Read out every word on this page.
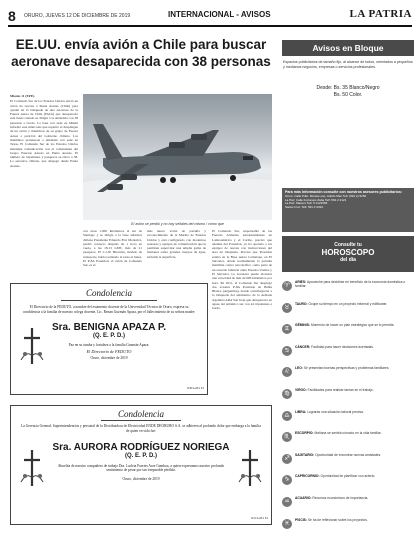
8 ORURO, JUEVES 12 DE DICIEMBRE DE 2019	INTERNACIONAL - AVISOS	LA PATRIA
EE.UU. envía avión a Chile para buscar
aeronave desaparecida con 38 personas

Miami, 11 (EFE).

El Comando Sur de los Estados Unidos envió un avión de rescate a Punta Arenas (Chile) para ayudar en la búsqueda de una aeronave de la Fuerza Aérea de Chile (FACh) que desapareció este lunes cuando se dirigía a la Antártida con 38 personas a bordo. La base con sede en Miami informó este miércoles que repartió el despliegue de un avión y miembros de su grupo de Fuerza Aérea a petición del Gobierno chileno. Los miembros pertenecen a unidades con sede en Texas, El Comando Sur de los Estados Unidos mantiene comunicación con el comandante del Grupo Fuerzas Aéreas en Punta Arenas. El número de tripulantes y pasajeros se elevó a 38. La aeronave chilena, que despegó desde Punta Arenas.

El avión se perdió y no hay señales del mismo / cómo que
con unas 1.000 kilómetros al sur de Santiago y se dirigía a la base antártica chilena Presidente Eduardo Frei Montalva, perdió contacto después de 1 hora en vuelo, a las 18.13 GMT, más de 21 pasajeros. El C-130 Hércules, modelo de transporte, había realizado la tarea el lunes. El P-8A Poseidon, el avión de Comando Sur, es el
más nuevo avión de patrulla y reconocimiento de la Marina de Estados Unidos y está configurado con modernos sensores y equipos de comunicación que le permiten supervisar una amplia gama de misiones sobre grandes cuerpos de agua, incluida la superficie.
El Comando Sur, responsable de las Fuerzas Armadas estadounidenses en Latinoamérica y el Caribe, precisó que además del Poseidon, ya ha operado a los equipos de rescate con instrucciones del área de búsqueda. Precisó que Poseidon estaba en la Base Aérea Comalapa, en El Salvador, donde normalmente la patrulla marítima contra narcotráfico como parte de un acuerdo bilateral entre Estados Unidos y El Salvador. La aeronave puede alcanzar una velocidad de más de 900 kilómetros por hora. En 2011, el Comando Sur desplegó dos aviones P-8A Poseidon en Bahía Blanca (Argentina), donde contribuyeron a la búsqueda del submarino de la Armada argentina ARA San Juan que desapareció en aguas del Atlántico sur con 44 tripulantes a bordo.
Condolencia
El Directorio de la FEDUTO, a nombre del estamento docente de la Universidad Técnica de Oruro, expresa su condolencia a la familia de nuestro colega docente, Lic. Renan Guzmán Apaza, por el fallecimiento de su señora madre:
Sra. BENIGNA APAZA P.
(Q. E. P. D.)
Paz en su tumba y fortaleza a la familia Guzmán Apaza.
El Directorio de FEDUTO
Oruro, diciembre de 2019
1230/A.M/1 E2
Condolencia
La Gerencia General, Superintendencias y personal de la Distribuidora de Electricidad ENDE DEORURO S.A. se adhieren al profundo dolor que embarga a la familia de quien en vida fue:
Sra. AURORA RODRÍGUEZ NORIEGA
(Q. E. P. D.)
Abuelita de nuestro compañero de trabajo Dra. Ludvia Fuertes Arze Gamboa, a quien expresamos nuestro profundo sentimiento de pesar por tan irreparable pérdida.
Oruro, diciembre de 2019
1231/A.M/1 E2
Avisos en Bloque
Espacios publicitarios de tamaño fijo, al alcance de todos, orientados a pequeños y medianos negocios, empresas o servicios profesionales.
Desde: Bs. 35 Blanco/Negro
Bs. 50 Color.
Para más información consulte con nuestros asesores publicitarios:
Oruro: Calle Pdte. Montes esq. Adolfo Mier Telf. (591 2) 5250
La Paz: Calle Fortunato Zaba Telf. 591 2 2121
La Paz: Macero Telf. 5 2123456
Santa Cruz: Telf. 591 3 3324
Consulte tu
HOROSCOPO
del día
♈	ARIES: Aproveche para decidirse en beneficio de la economía doméstica o familiar.
♉	TAURO: Ocupe su tiempo en un proyecto informal y edificante.
♊	GÉMINIS: Momento de hacer un plan estratégico que se lo permita.
♋	CÁNCER: Facilidad para hacer decisiones acertadas.
♌	LEO: Se presentan buenas perspectivas y problemas familiares.
♍	VIRGO: Facilidades para realizar tareas en el trabajo.
♎	LIBRA: Lograrás una situación laboral precisa.
♏	ESCORPIO: Mañana se sentirá cómodo en la vida familiar.
♐	SAGITARIO: Oportunidad de encontrar nuevas amistades.
♑	CAPRICORNIO: Oportunidad de planificar con acierto.
♒	ACUARIO: Recursos económicos de importancia.
♓	PISCIS: Se ha de reflexionar sobre los proyectos.
